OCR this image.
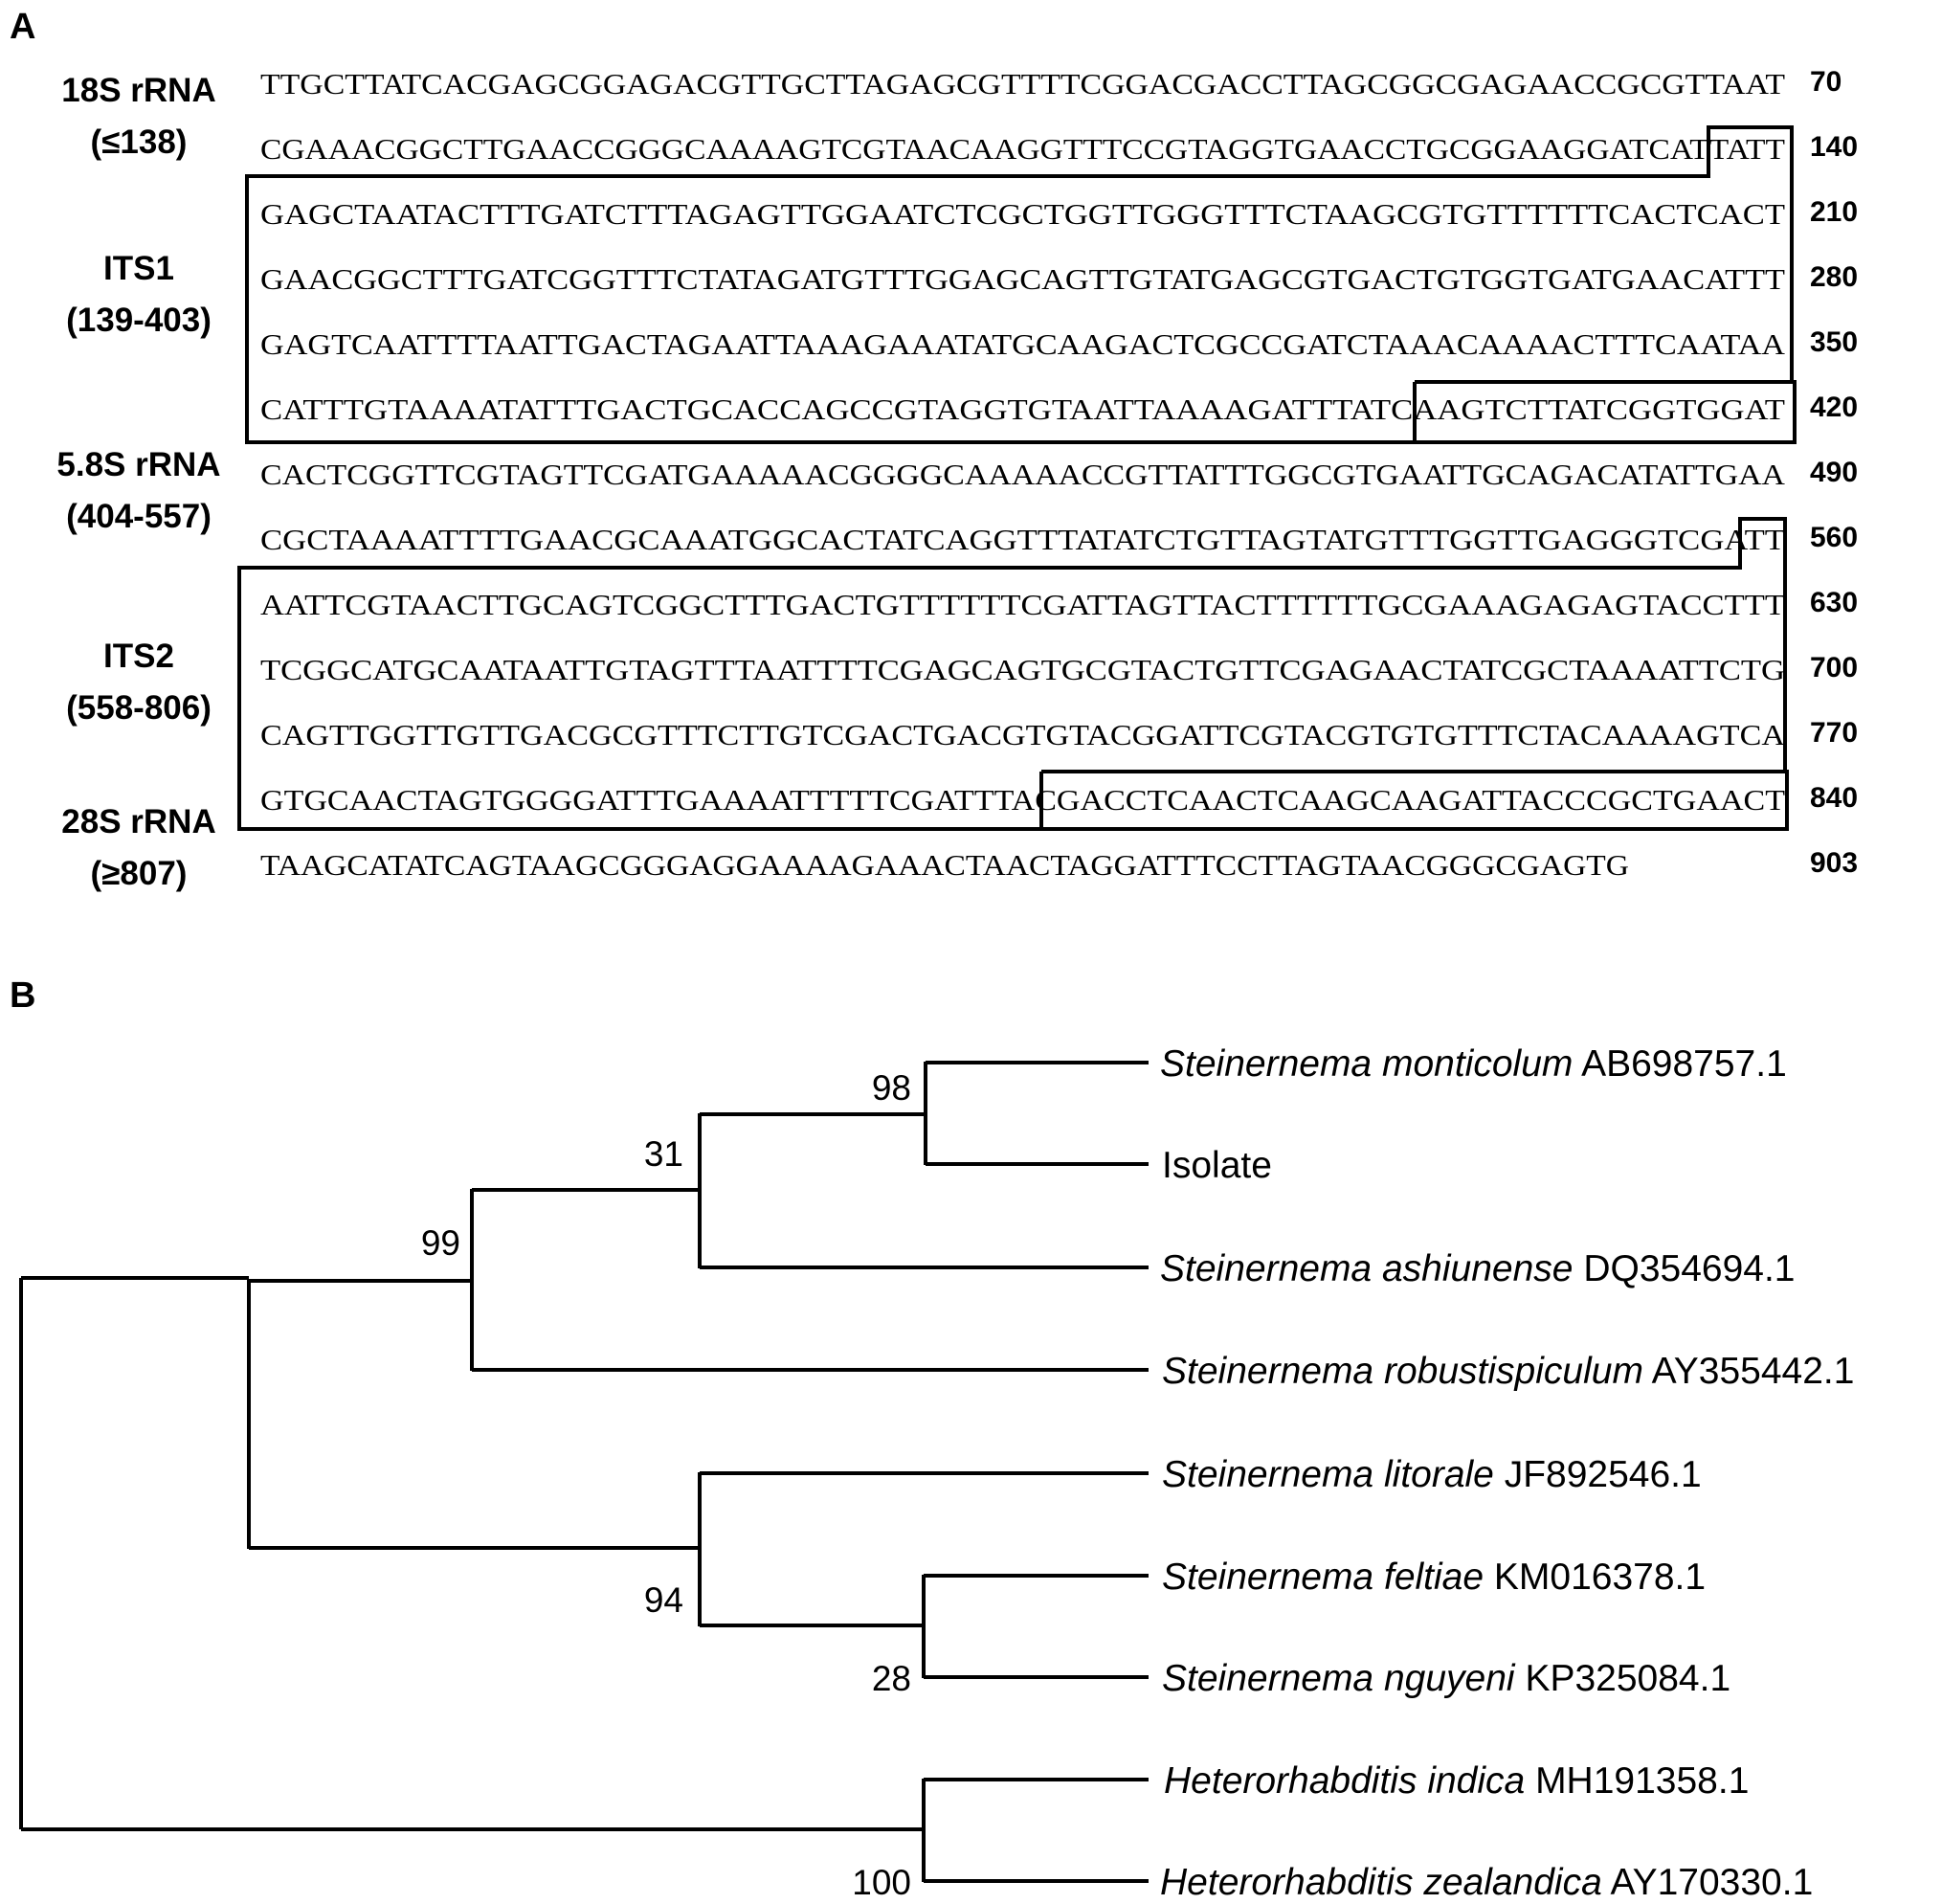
A
18S rRNA
(≤138)
ITS1
(139-403)
5.8S rRNA
(404-557)
ITS2
(558-806)
28S rRNA
(≥807)
TTGCTTATCACGAGCGGAGACGTTGCTTAGAGCGTTTTCGGACGACCTTAGCGGCGAGAACCGCGTTAAT
CGAAACGGCTTGAACCGGGCAAAAGTCGTAACAAGGTTTCCGTAGGTGAACCTGCGGAAGGATCATTATT
GAGCTAATACTTTGATCTTTAGAGTTGGAATCTCGCTGGTTGGGTTTCTAAGCGTGTTTTTTCACTCACT
GAACGGCTTTGATCGGTTTCTATAGATGTTTGGAGCAGTTGTATGAGCGTGACTGTGGTGATGAACATTT
GAGTCAATTTTAATTGACTAGAATTAAAGAAATATGCAAGACTCGCCGATCTAAACAAAACTTTCAATAA
CATTTGTAAAATATTTGACTGCACCAGCCGTAGGTGTAATTAAAAGATTTATCAAGTCTTATCGGTGGAT
CACTCGGTTCGTAGTTCGATGAAAAACGGGGCAAAAACCGTTATTTGGCGTGAATTGCAGACATATTGAA
CGCTAAAATTTTGAACGCAAATGGCACTATCAGGTTTATATCTGTTAGTATGTTTGGTTGAGGGTCGATT
AATTCGTAACTTGCAGTCGGCTTTGACTGTTTTTTCGATTAGTTACTTTTTTGCGAAAGAGAGTACCTTT
TCGGCATGCAATAATTGTAGTTTAATTTTCGAGCAGTGCGTACTGTTCGAGAACTATCGCTAAAATTCTG
CAGTTGGTTGTTGACGCGTTTCTTGTCGACTGACGTGTACGGATTCGTACGTGTGTTTCTACAAAAGTCA
GTGCAACTAGTGGGGATTTGAAAATTTTTCGATTTACGACCTCAACTCAAGCAAGATTACCCGCTGAACT
TAAGCATATCAGTAAGCGGGAGGAAAAGAAACTAACTAGGATTTCCTTAGTAACGGGCGAGTG
70
140
210
280
350
420
490
560
630
700
770
840
903
B
98
31
99
94
28
100
Steinernema monticolum AB698757.1
Isolate
Steinernema ashiunense DQ354694.1
Steinernema robustispiculum AY355442.1
Steinernema litorale JF892546.1
Steinernema feltiae KM016378.1
Steinernema nguyeni KP325084.1
Heterorhabditis indica MH191358.1
Heterorhabditis zealandica AY170330.1
